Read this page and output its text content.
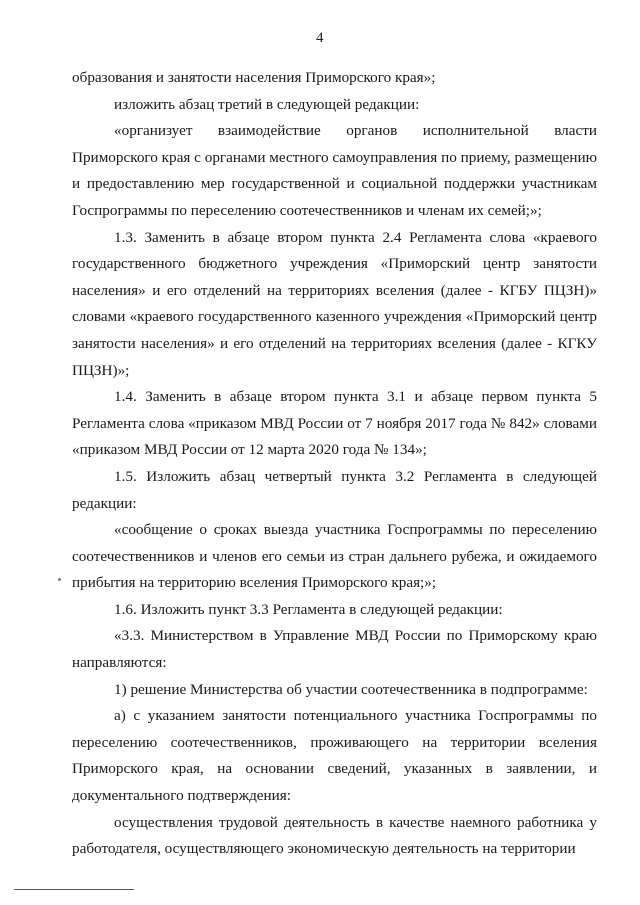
4

образования и занятости населения Приморского края»;

изложить абзац третий в следующей редакции:

«организует взаимодействие органов исполнительной власти Приморского края с органами местного самоуправления по приему, размещению и предоставлению мер государственной и социальной поддержки участникам Госпрограммы по переселению соотечественников и членам их семей;»;

1.3. Заменить в абзаце втором пункта 2.4 Регламента слова «краевого государственного бюджетного учреждения «Приморский центр занятости населения» и его отделений на территориях вселения (далее - КГБУ ПЦЗН)» словами «краевого государственного казенного учреждения «Приморский центр занятости населения» и его отделений на территориях вселения (далее - КГКУ ПЦЗН)»;

1.4. Заменить в абзаце втором пункта 3.1 и абзаце первом пункта 5 Регламента слова «приказом МВД России от 7 ноября 2017 года № 842» словами «приказом МВД России от 12 марта 2020 года № 134»;

1.5. Изложить абзац четвертый пункта 3.2 Регламента в следующей редакции:

«сообщение о сроках выезда участника Госпрограммы по переселению соотечественников и членов его семьи из стран дальнего рубежа, и ожидаемого прибытия на территорию вселения Приморского края;»;

1.6. Изложить пункт 3.3 Регламента в следующей редакции:

«3.3. Министерством в Управление МВД России по Приморскому краю направляются:

1) решение Министерства об участии соотечественника в подпрограмме:

а) с указанием занятости потенциального участника Госпрограммы по переселению соотечественников, проживающего на территории вселения Приморского края, на основании сведений, указанных в заявлении, и документального подтверждения:

осуществления трудовой деятельность в качестве наемного работника у работодателя, осуществляющего экономическую деятельность на территории
